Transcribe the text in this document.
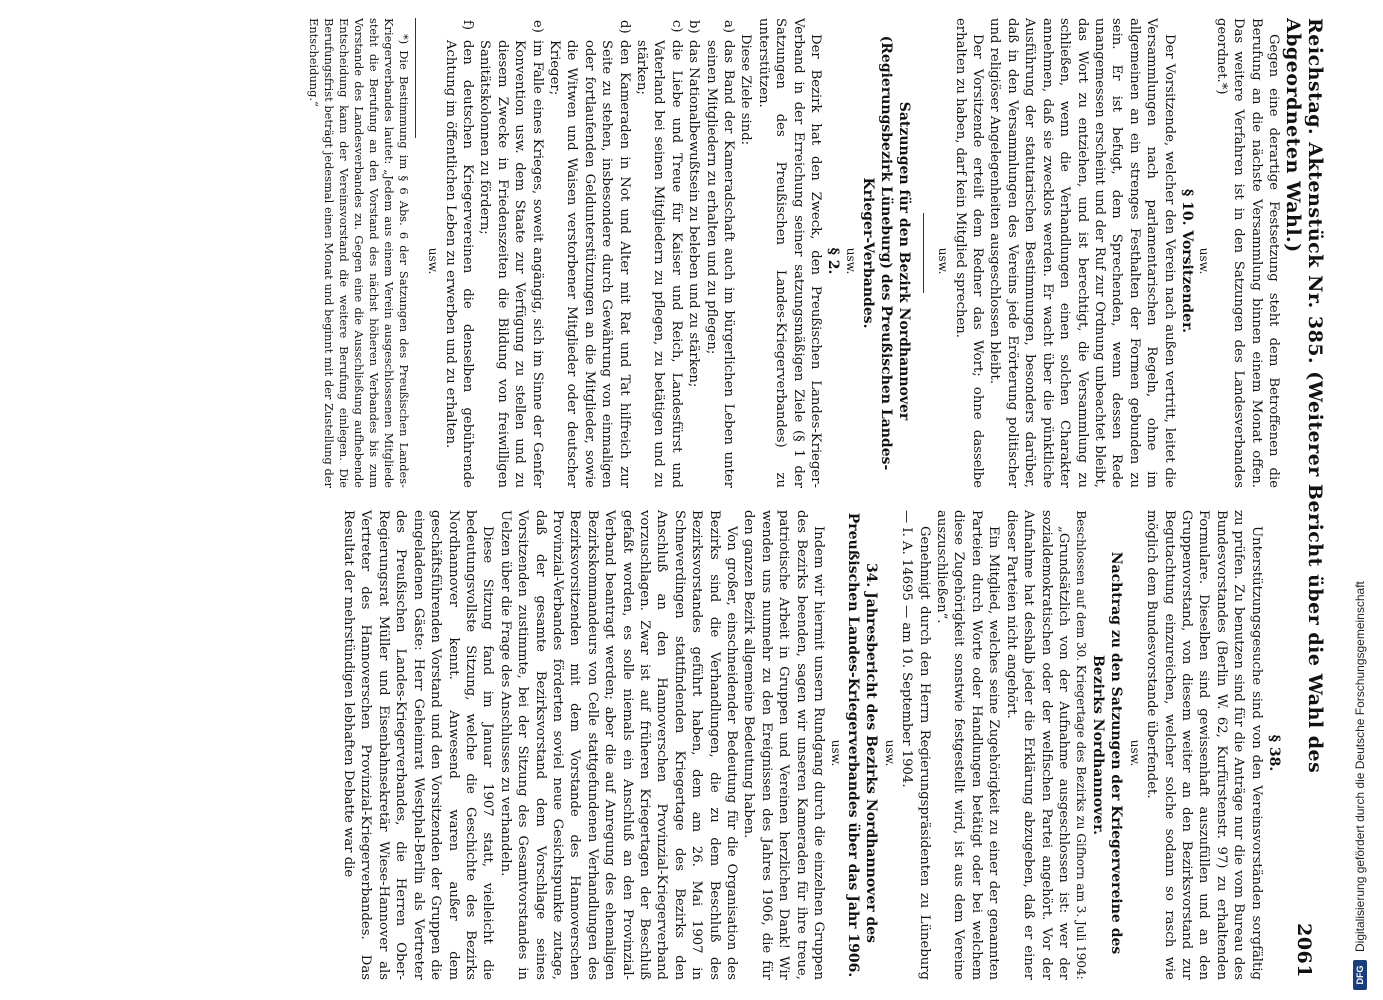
Reichstag. Aktenstück Nr. 385. (Weiterer Bericht über die Wahl des Abgeordneten Wahl.)
2061

Gegen eine derartige Festsetzung steht dem Betroffenen die Berufung an die nächste Versammlung binnen einem Monat offen. Das weitere Verfahren ist in den Satzungen des Landesverbandes geordnet.*)

usw.

§ 10. Vorsitzender.

Der Vorsitzende, welcher den Verein nach außen vertritt, leitet die Versammlungen nach parlamentarischen Regeln, ohne im allgemeinen an ein strenges Festhalten der Formen gebunden zu sein. Er ist befugt, dem Sprechenden, wenn dessen Rede unangemessen erscheint und der Ruf zur Ordnung unbeachtet bleibt, das Wort zu entziehen, und ist berechtigt, die Versammlung zu schließen, wenn die Verhandlungen einen solchen Charakter annehmen, daß sie zwecklos werden. Er wacht über die pünktliche Ausführung der statutarischen Bestimmungen, besonders darüber, daß in den Versammlungen des Vereins jede Erörterung politischer und religiöser Angelegenheiten ausgeschlossen bleibt.

Der Vorsitzende erteilt dem Redner das Wort; ohne dasselbe erhalten zu haben, darf kein Mitglied sprechen.

usw.

Satzungen für den Bezirk Nordhannover (Regierungsbezirk Lüneburg) des Preußischen Landes-Krieger-Verbandes.

usw.

§ 2.

Der Bezirk hat den Zweck, den Preußischen Landes-Krieger-Verband in der Erreichung seiner satzungsmäßigen Ziele (§ 1 der Satzungen des Preußischen Landes-Kriegerverbandes) zu unterstützen.

Diese Ziele sind:

a)
das Band der Kameradschaft auch im bürgerlichen Leben unter seinen Mitgliedern zu erhalten und zu pflegen;
b)
das Nationalbewußtsein zu beleben und zu stärken;
c)
die Liebe und Treue für Kaiser und Reich, Landesfürst und Vaterland bei seinen Mitgliedern zu pflegen, zu betätigen und zu stärken;
d)
den Kameraden in Not und Alter mit Rat und Tat hilfreich zur Seite zu stehen, insbesondere durch Gewährung von einmaligen oder fortlaufenden Geldunterstützungen an die Mitglieder, sowie die Witwen und Waisen verstorbener Mitglieder oder deutscher Krieger;
e)
im Falle eines Krieges, soweit angängig, sich im Sinne der Genfer Konvention usw. dem Staate zur Verfügung zu stellen und zu diesem Zwecke in Friedenszeiten die Bildung von freiwilligen Sanitätskolonnen zu fördern;
f)
den deutschen Kriegervereinen die denselben gebührende Achtung im öffentlichen Leben zu erwerben und zu erhalten.

usw.

*) Die Bestimmung im § 6 Abs. 6 der Satzungen des Preußischen Landes-Kriegerverbandes lautet: „Jedem aus einem Verein ausgeschlossenen Mitgliede steht die Berufung an den Vorstand des nächst höheren Verbandes bis zum Vorstande des Landesverbandes zu. Gegen eine die Ausschließung aufhebende Entscheidung kann der Vereinsvorstand die weitere Berufung einlegen. Die Berufungsfrist beträgt jedesmal einen Monat und beginnt mit der Zustellung der Entscheidung.“

§ 38.

Unterstützungsgesuche sind von den Vereinsvorständen sorgfältig zu prüfen. Zu benutzen sind für die Anträge nur die vom Bureau des Bundesvorstandes (Berlin W. 62, Kurfürstenstr. 97) zu erhaltenden Formulare. Dieselben sind gewissenhaft auszufüllen und an den Gruppenvorstand, von diesem weiter an den Bezirksvorstand zur Begutachtung einzureichen, welcher solche sodann so rasch wie möglich dem Bundesvorstande überfendet.

usw.

Nachtrag zu den Satzungen der Kriegervereine des Bezirks Nordhannover.

Beschlossen auf dem 30. Kriegertage des Bezirks zu Gifhorn am 3. Juli 1904:

„Grundsätzlich von der Aufnahme ausgeschlossen ist: wer der sozialdemokratischen oder der welfischen Partei angehört. Vor der Aufnahme hat deshalb jeder die Erklärung abzugeben, daß er einer dieser Parteien nicht angehört.

Ein Mitglied, welches seine Zugehörigkeit zu einer der genannten Parteien durch Worte oder Handlungen betätigt oder bei welchem diese Zugehörigkeit sonstwie festgestellt wird, ist aus dem Vereine auszuschließen“.

Genehmigt durch den Herrn Regierungspräsidenten zu Lüneburg — I. A. 14695 — am 10. September 1904.

usw.

34. Jahresbericht des Bezirks Nordhannover des Preußischen Landes-Kriegerverbandes über das Jahr 1906.

usw.

Indem wir hiermit unsern Rundgang durch die einzelnen Gruppen des Bezirks beenden, sagen wir unseren Kameraden für ihre treue, patriotische Arbeit in Gruppen und Vereinen herzlichen Dank! Wir wenden uns nunmehr zu den Ereignissen des Jahres 1906, die für den ganzen Bezirk allgemeine Bedeutung haben.

Von großer, einschneidender Bedeutung für die Organisation des Bezirks sind die Verhandlungen, die zu dem Beschluß des Bezirksvorstandes geführt haben, dem am 26. Mai 1907 in Schneverdingen stattfindenden Kriegertage des Bezirks den Anschluß an den Hannoverschen Provinzial-Kriegerverband vorzuschlagen. Zwar ist auf früheren Kriegertagen der Beschluß gefaßt worden, es solle niemals ein Anschluß an den Provinzial-Verband beantragt werden; aber die auf Anregung des ehemaligen Bezirkskommandeurs von Celle stattgefundenen Verhandlungen des Bezirksvorsitzenden mit dem Vorstande des Hannoverschen Provinzial-Verbandes förderten soviel neue Gesichtspunkte zutage, daß der gesamte Bezirksvorstand dem Vorschlage seines Vorsitzenden zustimmte, bei der Sitzung des Gesamtvorstandes in Uelzen über die Frage des Anschlusses zu verhandeln.

Diese Sitzung fand im Januar 1907 statt, vielleicht die bedeutungsvollste Sitzung, welche die Geschichte des Bezirks Nordhannover kennt. Anwesend waren außer dem geschäftsführenden Vorstand und den Vorsitzenden der Gruppen die eingeladenen Gäste: Herr Geheimrat Westphal-Berlin als Vertreter des Preußischen Landes-Kriegerverbandes, die Herren Ober-Regierungsrat Müller und Eisenbahnsekretär Wiese-Hannover als Vertreter des Hannoverschen Provinzial-Kriegerverbandes. Das Resultat der mehrstündigen lebhaften Debatte war die

DFG
Digitalisierung gefördert durch die Deutsche Forschungsgemeinschaft
